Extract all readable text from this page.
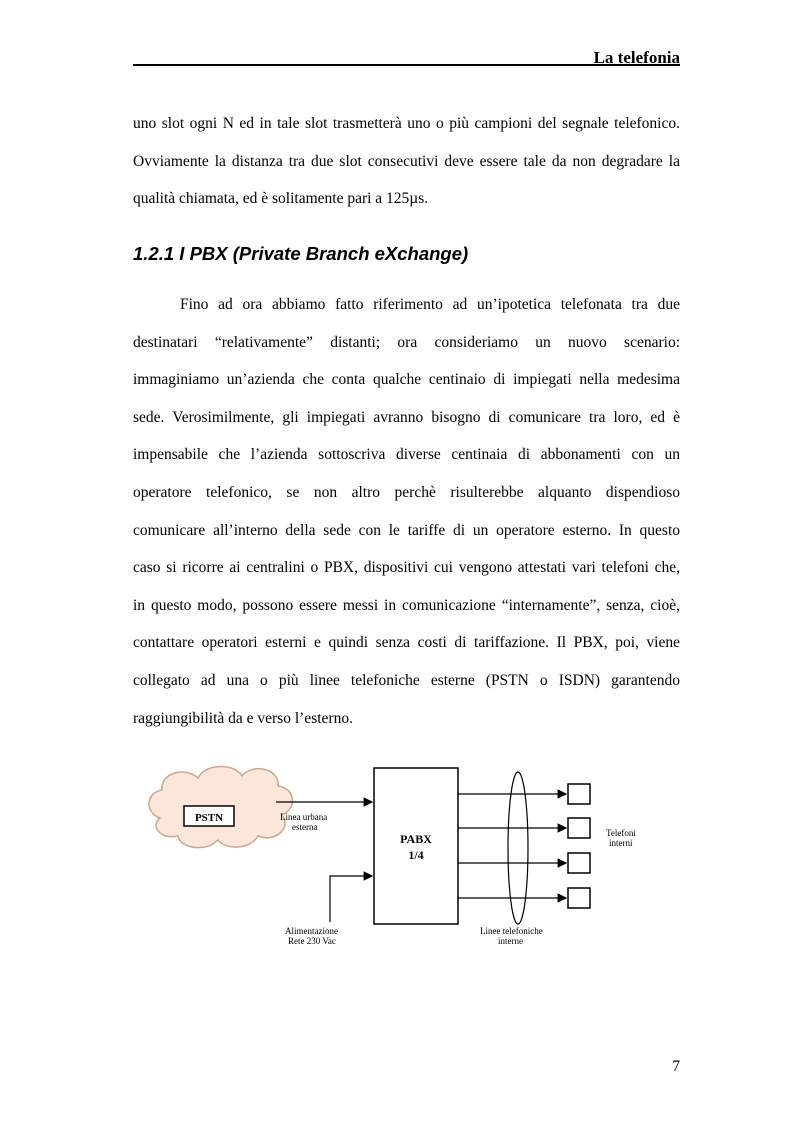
La telefonia

uno slot ogni N ed in tale slot trasmetterà uno o più campioni del segnale telefonico.
Ovviamente la distanza tra due slot consecutivi deve essere tale da non degradare la
qualità chiamata, ed è solitamente pari a 125µs.

1.2.1 I PBX (Private Branch eXchange)

Fino ad ora abbiamo fatto riferimento ad un’ipotetica telefonata tra due
destinatari “relativamente” distanti; ora consideriamo un nuovo scenario:
immaginiamo un’azienda che conta qualche centinaio di impiegati nella medesima
sede. Verosimilmente, gli impiegati avranno bisogno di comunicare tra loro, ed è
impensabile che l’azienda sottoscriva diverse centinaia di abbonamenti con un
operatore telefonico, se non altro perchè risulterebbe alquanto dispendioso
comunicare all’interno della sede con le tariffe di un operatore esterno. In questo
caso si ricorre ai centralini o PBX, dispositivi cui vengono attestati vari telefoni che,
in questo modo, possono essere messi in comunicazione “internamente”, senza, cioè,
contattare operatori esterni e quindi senza costi di tariffazione. Il PBX, poi, viene
collegato ad una o più linee telefoniche esterne (PSTN o ISDN) garantendo
raggiungibilità da e verso l’esterno.

PSTN	Linea urbana
esterna
PABX
1/4
Alimentazione
Rete 230 Vac
Linee telefoniche
interne
Telefoni
interni
7
